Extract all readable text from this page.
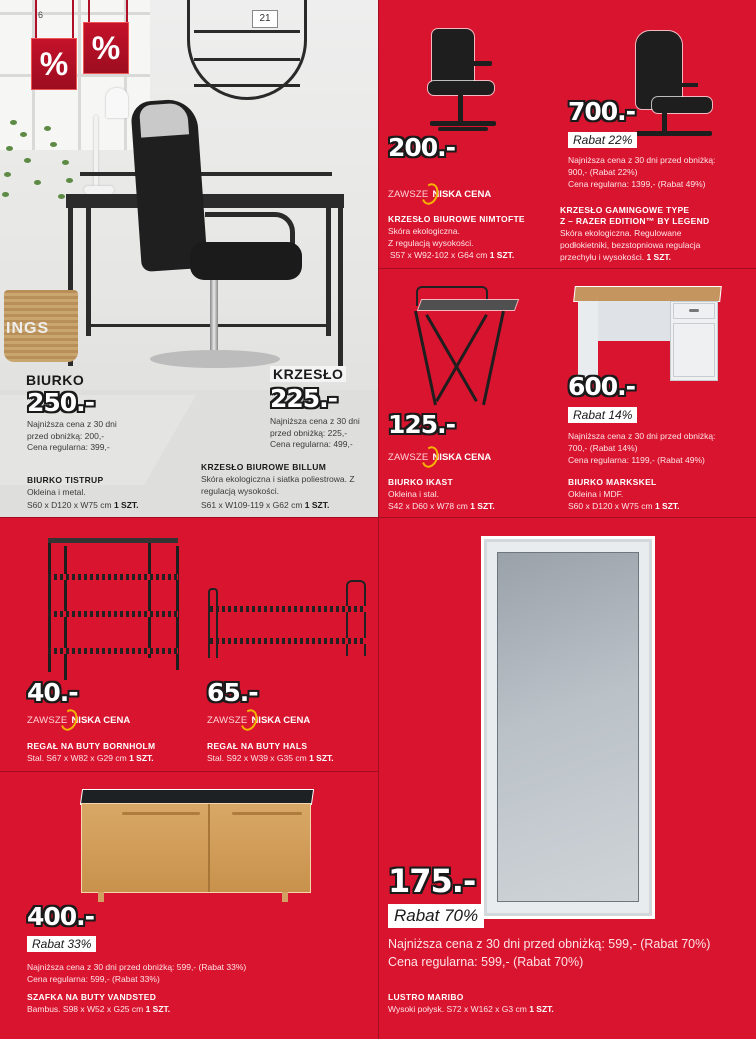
21
INGS
BIURKO
250.-
Najniższa cena z 30 dni przed obniżką: 200,-
Cena regularna: 399,-
BIURKO TISTRUP
Okleina i metal.
S60 x D120 x W75 cm 1 SZT.
KRZESŁO
225.-
Najniższa cena z 30 dni przed obniżką: 225,-
Cena regularna: 499,-
KRZESŁO BIUROWE BILLUM
Skóra ekologiczna i siatka poliestrowa. Z regulacją wysokości.
S61 x W109-119 x G62 cm 1 SZT.
% %
6
200.-
ZAWSZE NISKA CENA
KRZESŁO BIUROWE NIMTOFTE
Skóra ekologiczna.
Z regulacją wysokości.
S57 x W92-102 x G64 cm 1 SZT.
700.-
Rabat 22%
Najniższa cena z 30 dni przed obniżką:
900,- (Rabat 22%)
Cena regularna: 1399,- (Rabat 49%)
KRZESŁO GAMINGOWE TYPE
Z – RAZER EDITION™ BY LEGEND
Skóra ekologiczna. Regulowane
podłokietniki, bezstopniowa regulacja
przechyłu i wysokości. 1 SZT.
125.-
ZAWSZE NISKA CENA
BIURKO IKAST
Okleina i stal.
S42 x D60 x W78 cm 1 SZT.
600.-
Rabat 14%
Najniższa cena z 30 dni przed obniżką:
700,- (Rabat 14%)
Cena regularna: 1199,- (Rabat 49%)
BIURKO MARKSKEL
Okleina i MDF.
S60 x D120 x W75 cm 1 SZT.
40.-
ZAWSZE NISKA CENA
REGAŁ NA BUTY BORNHOLM
Stal. S67 x W82 x G29 cm 1 SZT.
65.-
ZAWSZE NISKA CENA
REGAŁ NA BUTY HALS
Stal. S92 x W39 x G35 cm 1 SZT.
400.-
Rabat 33%
Najniższa cena z 30 dni przed obniżką: 599,- (Rabat 33%)
Cena regularna: 599,- (Rabat 33%)
SZAFKA NA BUTY VANDSTED
Bambus. S98 x W52 x G25 cm 1 SZT.
175.-
Rabat 70%
Najniższa cena z 30 dni przed obniżką: 599,- (Rabat 70%)
Cena regularna: 599,- (Rabat 70%)
LUSTRO MARIBO
Wysoki połysk. S72 x W162 x G3 cm 1 SZT.
